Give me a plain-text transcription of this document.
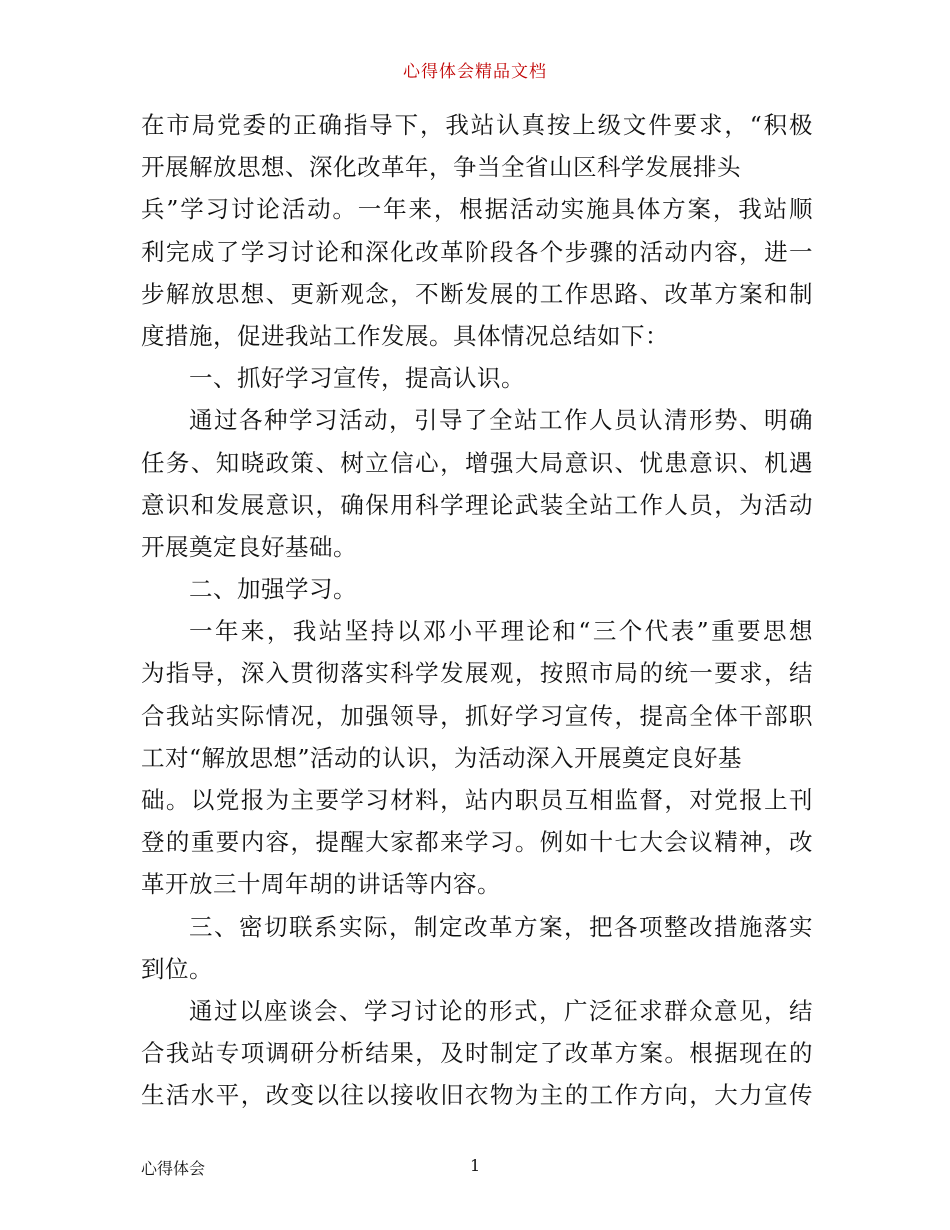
心得体会精品文档
在市局党委的正确指导下，我站认真按上级文件要求，“积极
开展解放思想、深化改革年，争当全省山区科学发展排头
兵”学习讨论活动。一年来，根据活动实施具体方案，我站顺
利完成了学习讨论和深化改革阶段各个步骤的活动内容，进一
步解放思想、更新观念，不断发展的工作思路、改革方案和制
度措施，促进我站工作发展。具体情况总结如下：
一、抓好学习宣传，提高认识。
通过各种学习活动，引导了全站工作人员认清形势、明确
任务、知晓政策、树立信心，增强大局意识、忧患意识、机遇
意识和发展意识，确保用科学理论武装全站工作人员，为活动
开展奠定良好基础。
二、加强学习。
一年来，我站坚持以邓小平理论和“三个代表”重要思想
为指导，深入贯彻落实科学发展观，按照市局的统一要求，结
合我站实际情况，加强领导，抓好学习宣传，提高全体干部职
工对“解放思想”活动的认识，为活动深入开展奠定良好基
础。以党报为主要学习材料，站内职员互相监督，对党报上刊
登的重要内容，提醒大家都来学习。例如十七大会议精神，改
革开放三十周年胡的讲话等内容。
三、密切联系实际，制定改革方案，把各项整改措施落实
到位。
通过以座谈会、学习讨论的形式，广泛征求群众意见，结
合我站专项调研分析结果，及时制定了改革方案。根据现在的
生活水平，改变以往以接收旧衣物为主的工作方向，大力宣传
心得体会	1
